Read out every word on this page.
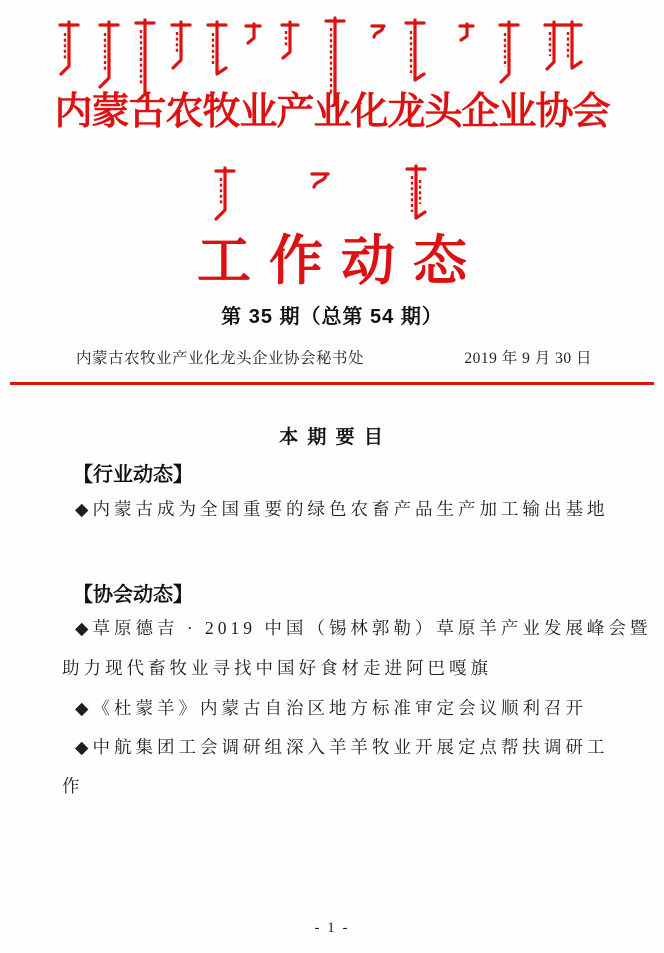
内蒙古农牧业产业化龙头企业协会
工作动态
第 35 期（总第 54 期）
内蒙古农牧业产业化龙头企业协会秘书处	2019 年 9 月 30 日
本 期 要 目
【行业动态】
◆内蒙古成为全国重要的绿色农畜产品生产加工输出基地
【协会动态】
◆草原德吉 · 2019 中国（锡林郭勒）草原羊产业发展峰会暨
助力现代畜牧业寻找中国好食材走进阿巴嘎旗
◆《杜蒙羊》内蒙古自治区地方标准审定会议顺利召开
◆中航集团工会调研组深入羊羊牧业开展定点帮扶调研工
作
- 1 -
